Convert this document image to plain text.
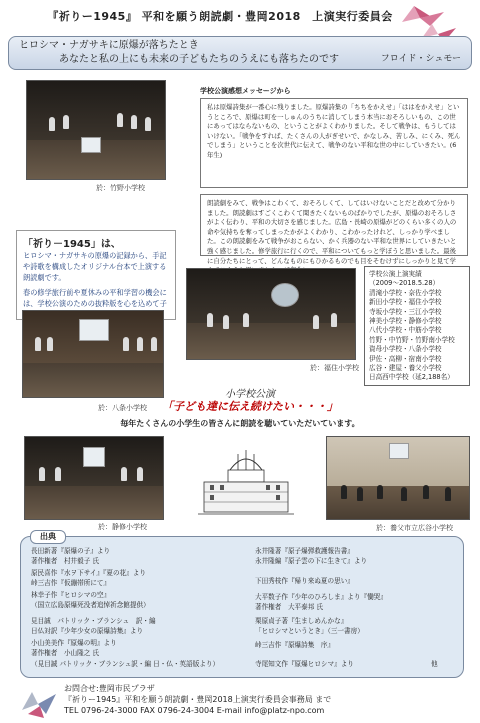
『祈りー1945』 平和を願う朗読劇・豊岡2018　上演実行委員会
ヒロシマ・ナガサキに原爆が落ちたとき
あなたと私の上にも未来の子どもたちのうえにも落ちたのです	フロイド・シュモー
於：竹野小学校
学校公演感想メッセージから
私は原爆詩集が一番心に残りました。原爆詩集の「ちちをかえせ」「ははをかえせ」というところで、原爆は町を一しゅんのうちに消してしまう本当におそろしいもの、この世にあってはならないもの、ということがよくわかりました。そして戦争は、もうしてはいけない。「戦争をすれば、たくさんの人がぎせいで、かなしみ、苦しみ、にくみ、死んでしまう」ということを次世代に伝えて、戦争のない平和な世の中にしていきたい。(6年生)
朗読劇をみて、戦争はこわくて、おそろしくて、してはいけないことだと改めて分かりました。朗読劇はすごくこわくて聞きたくないものばかりでしたが、原爆のおそろしさがよく伝わり、平和の大切さを感じました。広島・長崎の原爆がどのくらい多くの人の命や気持ちを奪ってしまったかがよくわかり、こわかったけれど、しっかり学べました。この朗読劇をみて戦争がおこらない、かく兵器のない平和な世界にしていきたいと強く感じました。修学旅行に行くので、平和についてもっと学ぼうと思いました。最後に自分たちにとって、どんなものにもひかるものでも目をそむけずにしっかりと見て学
「祈り－1945」は、
ヒロシマ・ナガサキの原爆の記録から、手記や詩歌を構成したオリジナル台本で上演する朗読劇です。
春の修学旅行前や夏休みの平和学習の機会には、学校公演のための抜粋版を心を込めて子
於：福住小学校
学校公演上演実績
（2009～2018.5.28）
清滝小学校・奈佐小学校
新田小学校・福住小学校
寺坂小学校・三江小学校
神美小学校・静修小学校
八代小学校・中筋小学校
竹野・中竹野・竹野南小学校
資母小学校・八条小学校
伊佐・高柳・宿南小学校
広谷・建屋・養父小学校
日高西中学校（延2,188名）
於：八条小学校
小学校公演
「子ども達に伝え続けたい・・・」
毎年たくさんの小学生の皆さんに朗読を聴いていただいています。
於：静修小学校	於：養父市立広谷小学校
長田新著『原爆の子』より
著作権者　村井毅子 氏
原民喜作『水ヲ下サイ』『夏の花』より
峠三吉作『仮繃帯所にて』
林幸子作『ヒロシマの空』
（国立広島原爆死没者追悼祈念館提供）
見目誠　パトリック・ブランシュ　訳・編
日仏対訳『少年少女の原爆詩集』より
小山美美作『原爆の明』より
著作権者　小山隆之 氏
（見目誠 パトリック・ブランシュ訳・編 日・仏・英語版より）
永井隆著『原子爆弾救護報告書』
永井隆編『原子雲の下に生きて』より
下田秀枝作『帰り来ぬ夏の思い』
大平数子作『少年のひろしま』より『慟哭』
著作権者　大平泰邦 氏
栗原貞子著『生ましめんかな』
「ヒロシマというとき」（三一書房）
峠三吉作『原爆詩集　序』
寺尾知文作『原爆ヒロシマ』より	他
出典
お問合せ:豊岡市民プラザ
『祈りー1945』平和を願う朗読劇・豊岡2018上演実行委員会事務局 まで
TEL 0796-24-3000 FAX 0796-24-3004 E-mail info@platz-npo.com
